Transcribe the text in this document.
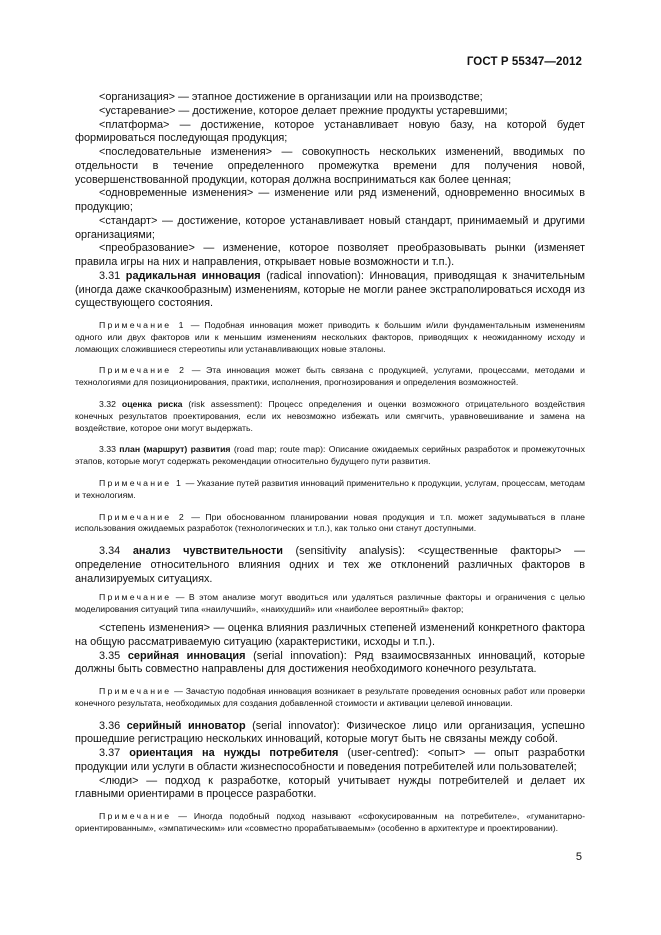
ГОСТ Р 55347—2012

<организация> — этапное достижение в организации или на производстве;

<устаревание> — достижение, которое делает прежние продукты устаревшими;

<платформа> — достижение, которое устанавливает новую базу, на которой будет формироваться последующая продукция;

<последовательные изменения> — совокупность нескольких изменений, вводимых по отдельности в течение определенного промежутка времени для получения новой, усовершенствованной продукции, которая должна восприниматься как более ценная;

<одновременные изменения> — изменение или ряд изменений, одновременно вносимых в продукцию;

<стандарт> — достижение, которое устанавливает новый стандарт, принимаемый и другими организациями;

<преобразование> — изменение, которое позволяет преобразовывать рынки (изменяет правила игры на них и направления, открывает новые возможности и т.п.).

3.31 радикальная инновация (radical innovation): Инновация, приводящая к значительным (иногда даже скачкообразным) изменениям, которые не могли ранее экстраполироваться исходя из существующего состояния.

Примечание 1 — Подобная инновация может приводить к большим и/или фундаментальным изменениям одного или двух факторов или к меньшим изменениям нескольких факторов, приводящих к неожиданному исходу и ломающих сложившиеся стереотипы или устанавливающих новые эталоны.

Примечание 2 — Эта инновация может быть связана с продукцией, услугами, процессами, методами и технологиями для позиционирования, практики, исполнения, прогнозирования и определения возможностей.

3.32 оценка риска (risk assessment): Процесс определения и оценки возможного отрицательного воздействия конечных результатов проектирования, если их невозможно избежать или смягчить, уравновешивание и замена на воздействие, которое они могут выдержать.

3.33 план (маршрут) развития (road map; route map): Описание ожидаемых серийных разработок и промежуточных этапов, которые могут содержать рекомендации относительно будущего пути развития.

Примечание 1 — Указание путей развития инноваций применительно к продукции, услугам, процессам, методам и технологиям.

Примечание 2 — При обоснованном планировании новая продукция и т.п. может задумываться в плане использования ожидаемых разработок (технологических и т.п.), как только они станут доступными.

3.34 анализ чувствительности (sensitivity analysis): <существенные факторы> — определение относительного влияния одних и тех же отклонений различных факторов в анализируемых ситуациях.

Примечание — В этом анализе могут вводиться или удаляться различные факторы и ограничения с целью моделирования ситуаций типа «наилучший», «наихудший» или «наиболее вероятный» фактор;

<степень изменения> — оценка влияния различных степеней изменений конкретного фактора на общую рассматриваемую ситуацию (характеристики, исходы и т.п.).

3.35 серийная инновация (serial innovation): Ряд взаимосвязанных инноваций, которые должны быть совместно направлены для достижения необходимого конечного результата.

Примечание — Зачастую подобная инновация возникает в результате проведения основных работ или проверки конечного результата, необходимых для создания добавленной стоимости и активации целевой инновации.

3.36 серийный инноватор (serial innovator): Физическое лицо или организация, успешно прошедшие регистрацию нескольких инноваций, которые могут быть не связаны между собой.

3.37 ориентация на нужды потребителя (user-centred): <опыт> — опыт разработки продукции или услуги в области жизнеспособности и поведения потребителей или пользователей;

<люди> — подход к разработке, который учитывает нужды потребителей и делает их главными ориентирами в процессе разработки.

Примечание — Иногда подобный подход называют «сфокусированным на потребителе», «гуманитарно-ориентированным», «эмпатическим» или «совместно прорабатываемым» (особенно в архитектуре и проектировании).

5
